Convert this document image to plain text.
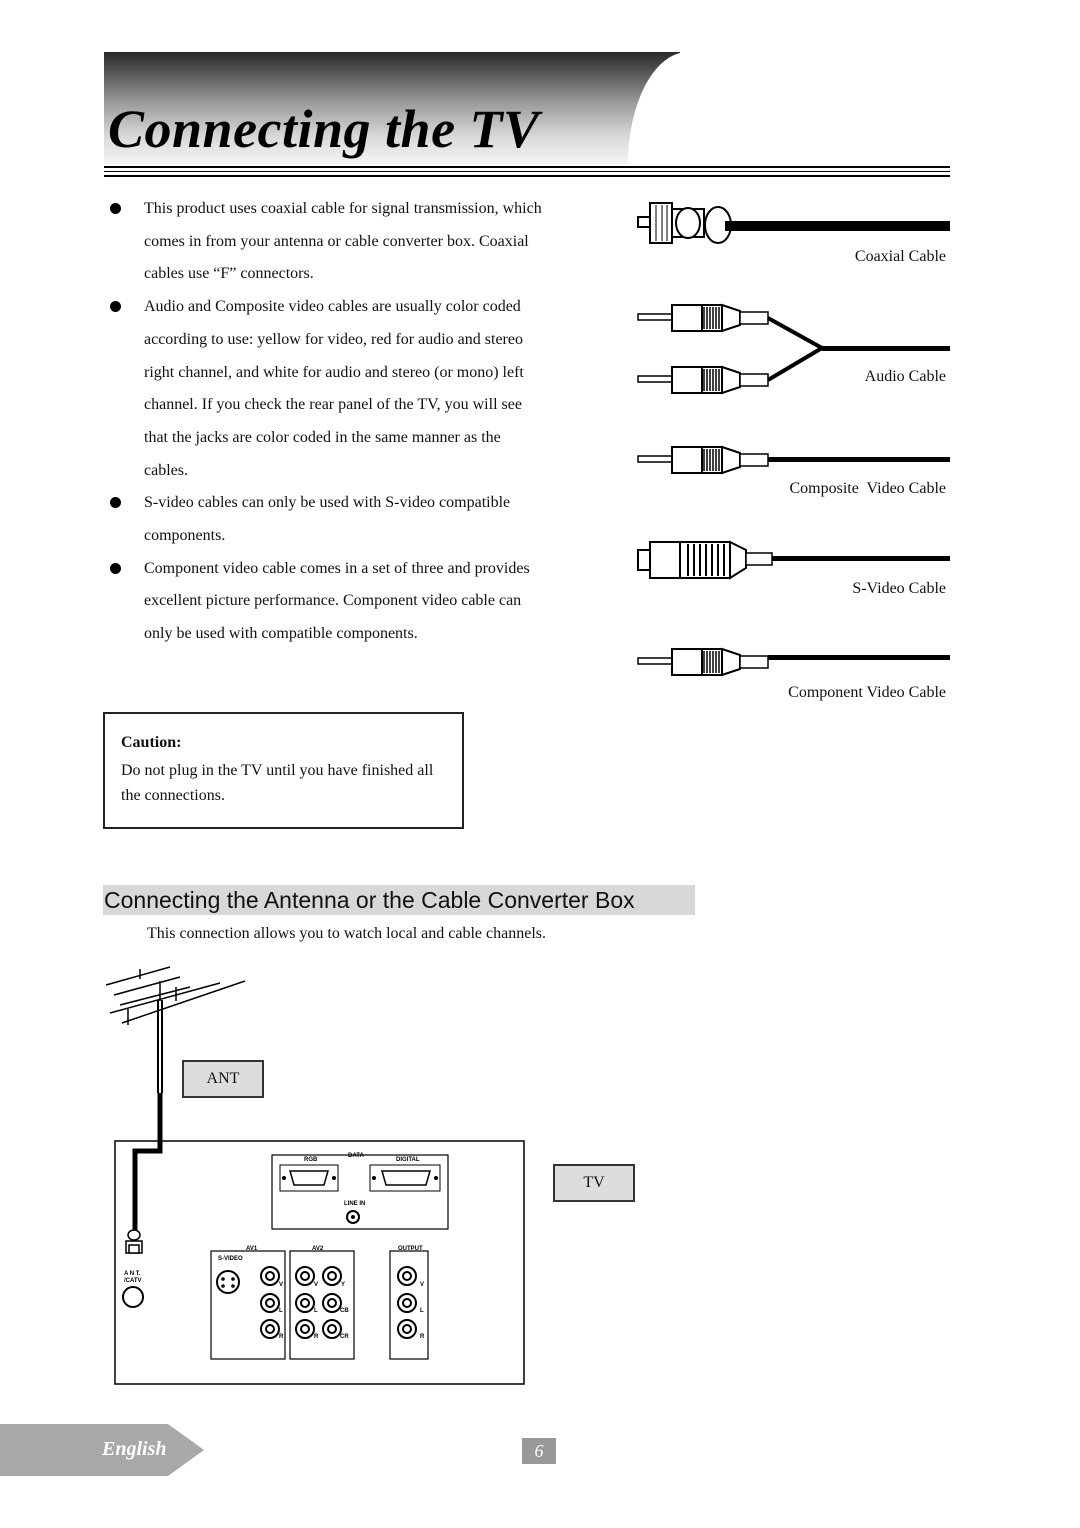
Connecting the TV
This product uses coaxial cable for signal transmission, which comes in from your antenna or cable converter box. Coaxial cables use “F” connectors.
Audio and Composite video cables are usually color coded according to use: yellow for video, red for audio and stereo right channel, and white for audio and stereo (or mono) left channel. If you check the rear panel of the TV, you will see that the jacks are color coded in the same manner as the cables.
S-video cables can only be used with S-video compatible components.
Component video cable comes in a set of three and provides excellent picture performance. Component video cable can only be used with compatible components.
Caution:
Do not plug in the TV until you have finished all the connections.
Coaxial Cable
Audio Cable
Composite  Video Cable
S-Video Cable
Component Video Cable
Connecting the Antenna or the Cable Converter Box
This connection allows you to watch local and cable channels.
A N T.
/CATV
DATA
RGB	DIGITAL
LINE IN
AV1
S-VIDEO
V
L
R
AV2
V
L
R
Y
CB
CR
OUTPUT
V
L
R
ANT
TV
English	6
